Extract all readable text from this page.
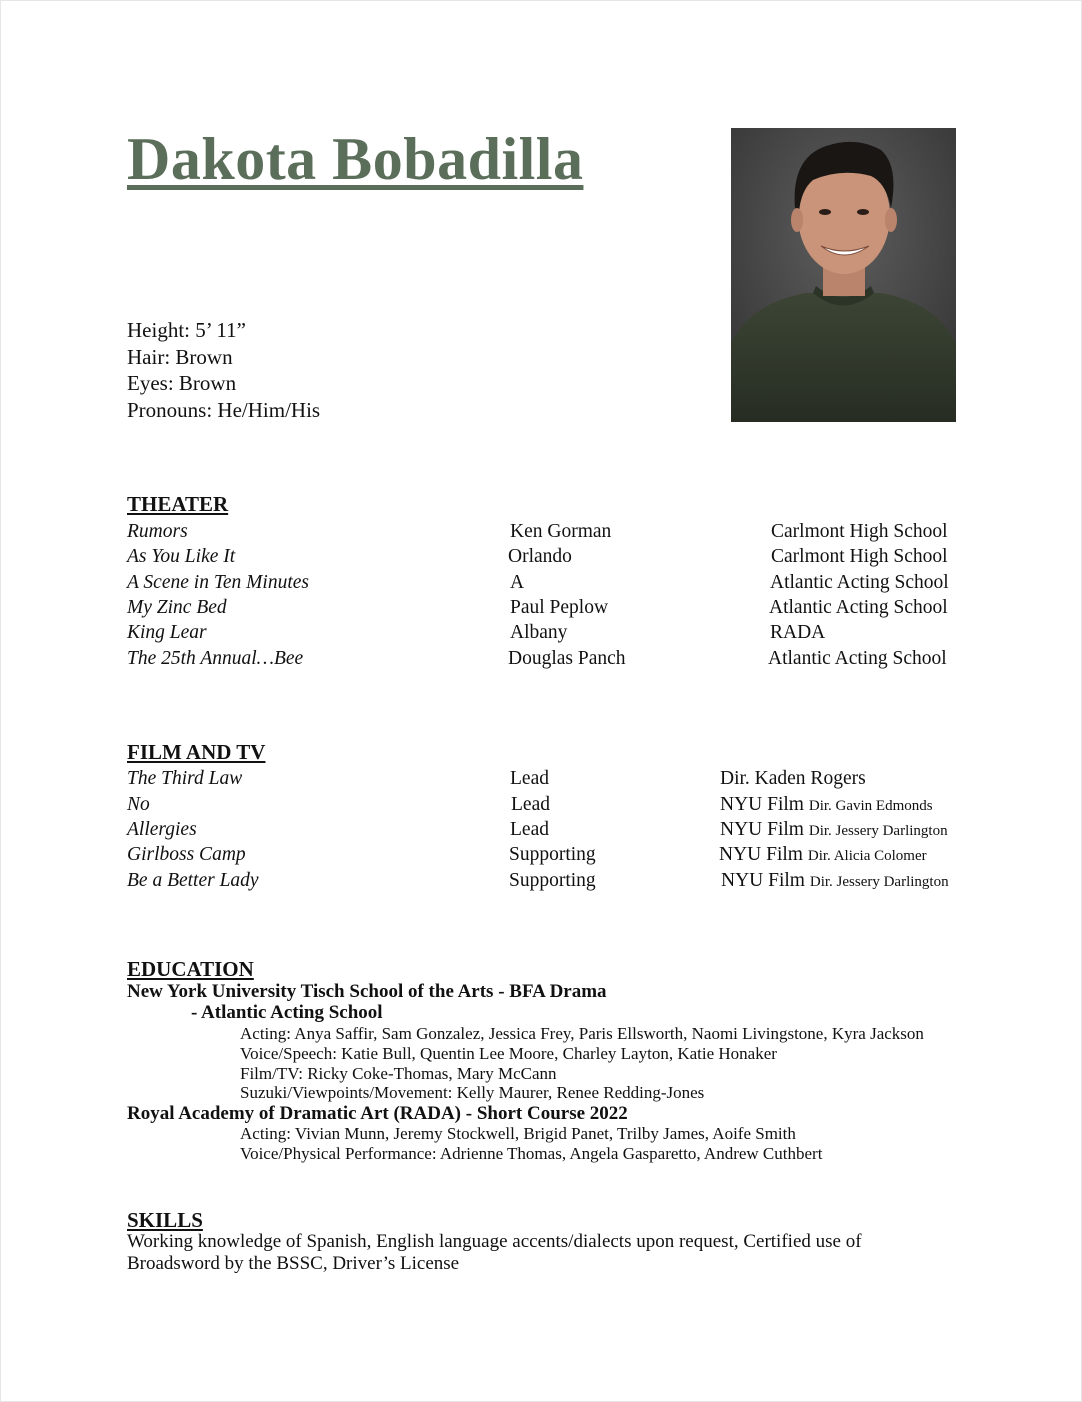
Dakota Bobadilla
Height: 5’ 11”
Hair: Brown
Eyes: Brown
Pronouns: He/Him/His
THEATER
Rumors	Ken Gorman	Carlmont High School
As You Like It	Orlando	Carlmont High School
A Scene in Ten Minutes	A	Atlantic Acting School
My Zinc Bed	Paul Peplow	Atlantic Acting School
King Lear	Albany	RADA
The 25th Annual…Bee	Douglas Panch	Atlantic Acting School
FILM AND TV
The Third Law	Lead	Dir. Kaden Rogers
No	Lead	NYU Film Dir. Gavin Edmonds
Allergies	Lead	NYU Film Dir. Jessery Darlington
Girlboss Camp	Supporting	NYU Film Dir. Alicia Colomer
Be a Better Lady	Supporting	NYU Film Dir. Jessery Darlington
EDUCATION
New York University Tisch School of the Arts - BFA Drama
- Atlantic Acting School
Acting: Anya Saffir, Sam Gonzalez, Jessica Frey, Paris Ellsworth, Naomi Livingstone, Kyra Jackson
Voice/Speech: Katie Bull, Quentin Lee Moore, Charley Layton, Katie Honaker
Film/TV: Ricky Coke-Thomas, Mary McCann
Suzuki/Viewpoints/Movement: Kelly Maurer, Renee Redding-Jones
Royal Academy of Dramatic Art (RADA) - Short Course 2022
Acting: Vivian Munn, Jeremy Stockwell, Brigid Panet, Trilby James, Aoife Smith
Voice/Physical Performance: Adrienne Thomas, Angela Gasparetto, Andrew Cuthbert
SKILLS
Working knowledge of Spanish, English language accents/dialects upon request, Certified use of Broadsword by the BSSC, Driver’s License
